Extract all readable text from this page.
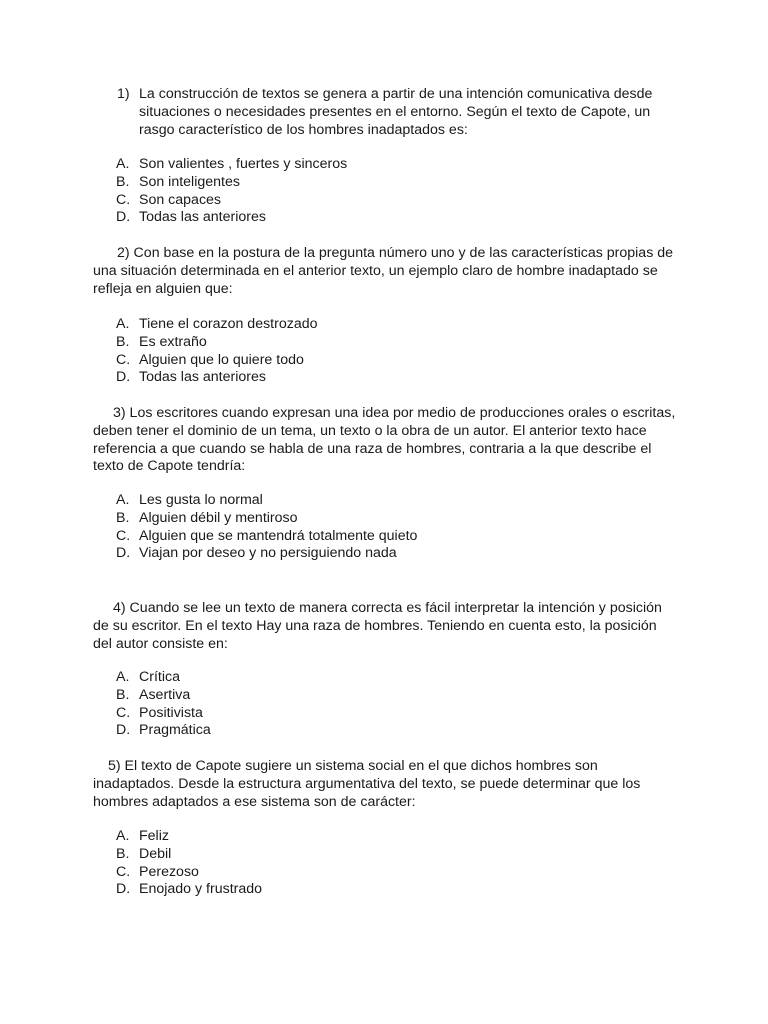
1) La construcción de textos se genera a partir de una intención comunicativa desde
situaciones o necesidades presentes en el entorno. Según el texto de Capote, un
rasgo característico de los hombres inadaptados es:
A. Son valientes , fuertes y sinceros
B. Son inteligentes
C. Son capaces
D. Todas las anteriores
2) Con base en la postura de la pregunta número uno y de las características propias de
una situación determinada en el anterior texto, un ejemplo claro de hombre inadaptado se
refleja en alguien que:
A. Tiene el corazon destrozado
B. Es extraño
C. Alguien que lo quiere todo
D. Todas las anteriores
3) Los escritores cuando expresan una idea por medio de producciones orales o escritas,
deben tener el dominio de un tema, un texto o la obra de un autor. El anterior texto hace
referencia a que cuando se habla de una raza de hombres, contraria a la que describe el
texto de Capote tendría:
A. Les gusta lo normal
B. Alguien débil y mentiroso
C. Alguien que se mantendrá totalmente quieto
D. Viajan por deseo y no persiguiendo nada
4) Cuando se lee un texto de manera correcta es fácil interpretar la intención y posición
de su escritor. En el texto Hay una raza de hombres. Teniendo en cuenta esto, la posición
del autor consiste en:
A. Crítica
B. Asertiva
C. Positivista
D. Pragmática
5) El texto de Capote sugiere un sistema social en el que dichos hombres son
inadaptados. Desde la estructura argumentativa del texto, se puede determinar que los
hombres adaptados a ese sistema son de carácter:
A. Feliz
B. Debil
C. Perezoso
D. Enojado y frustrado
